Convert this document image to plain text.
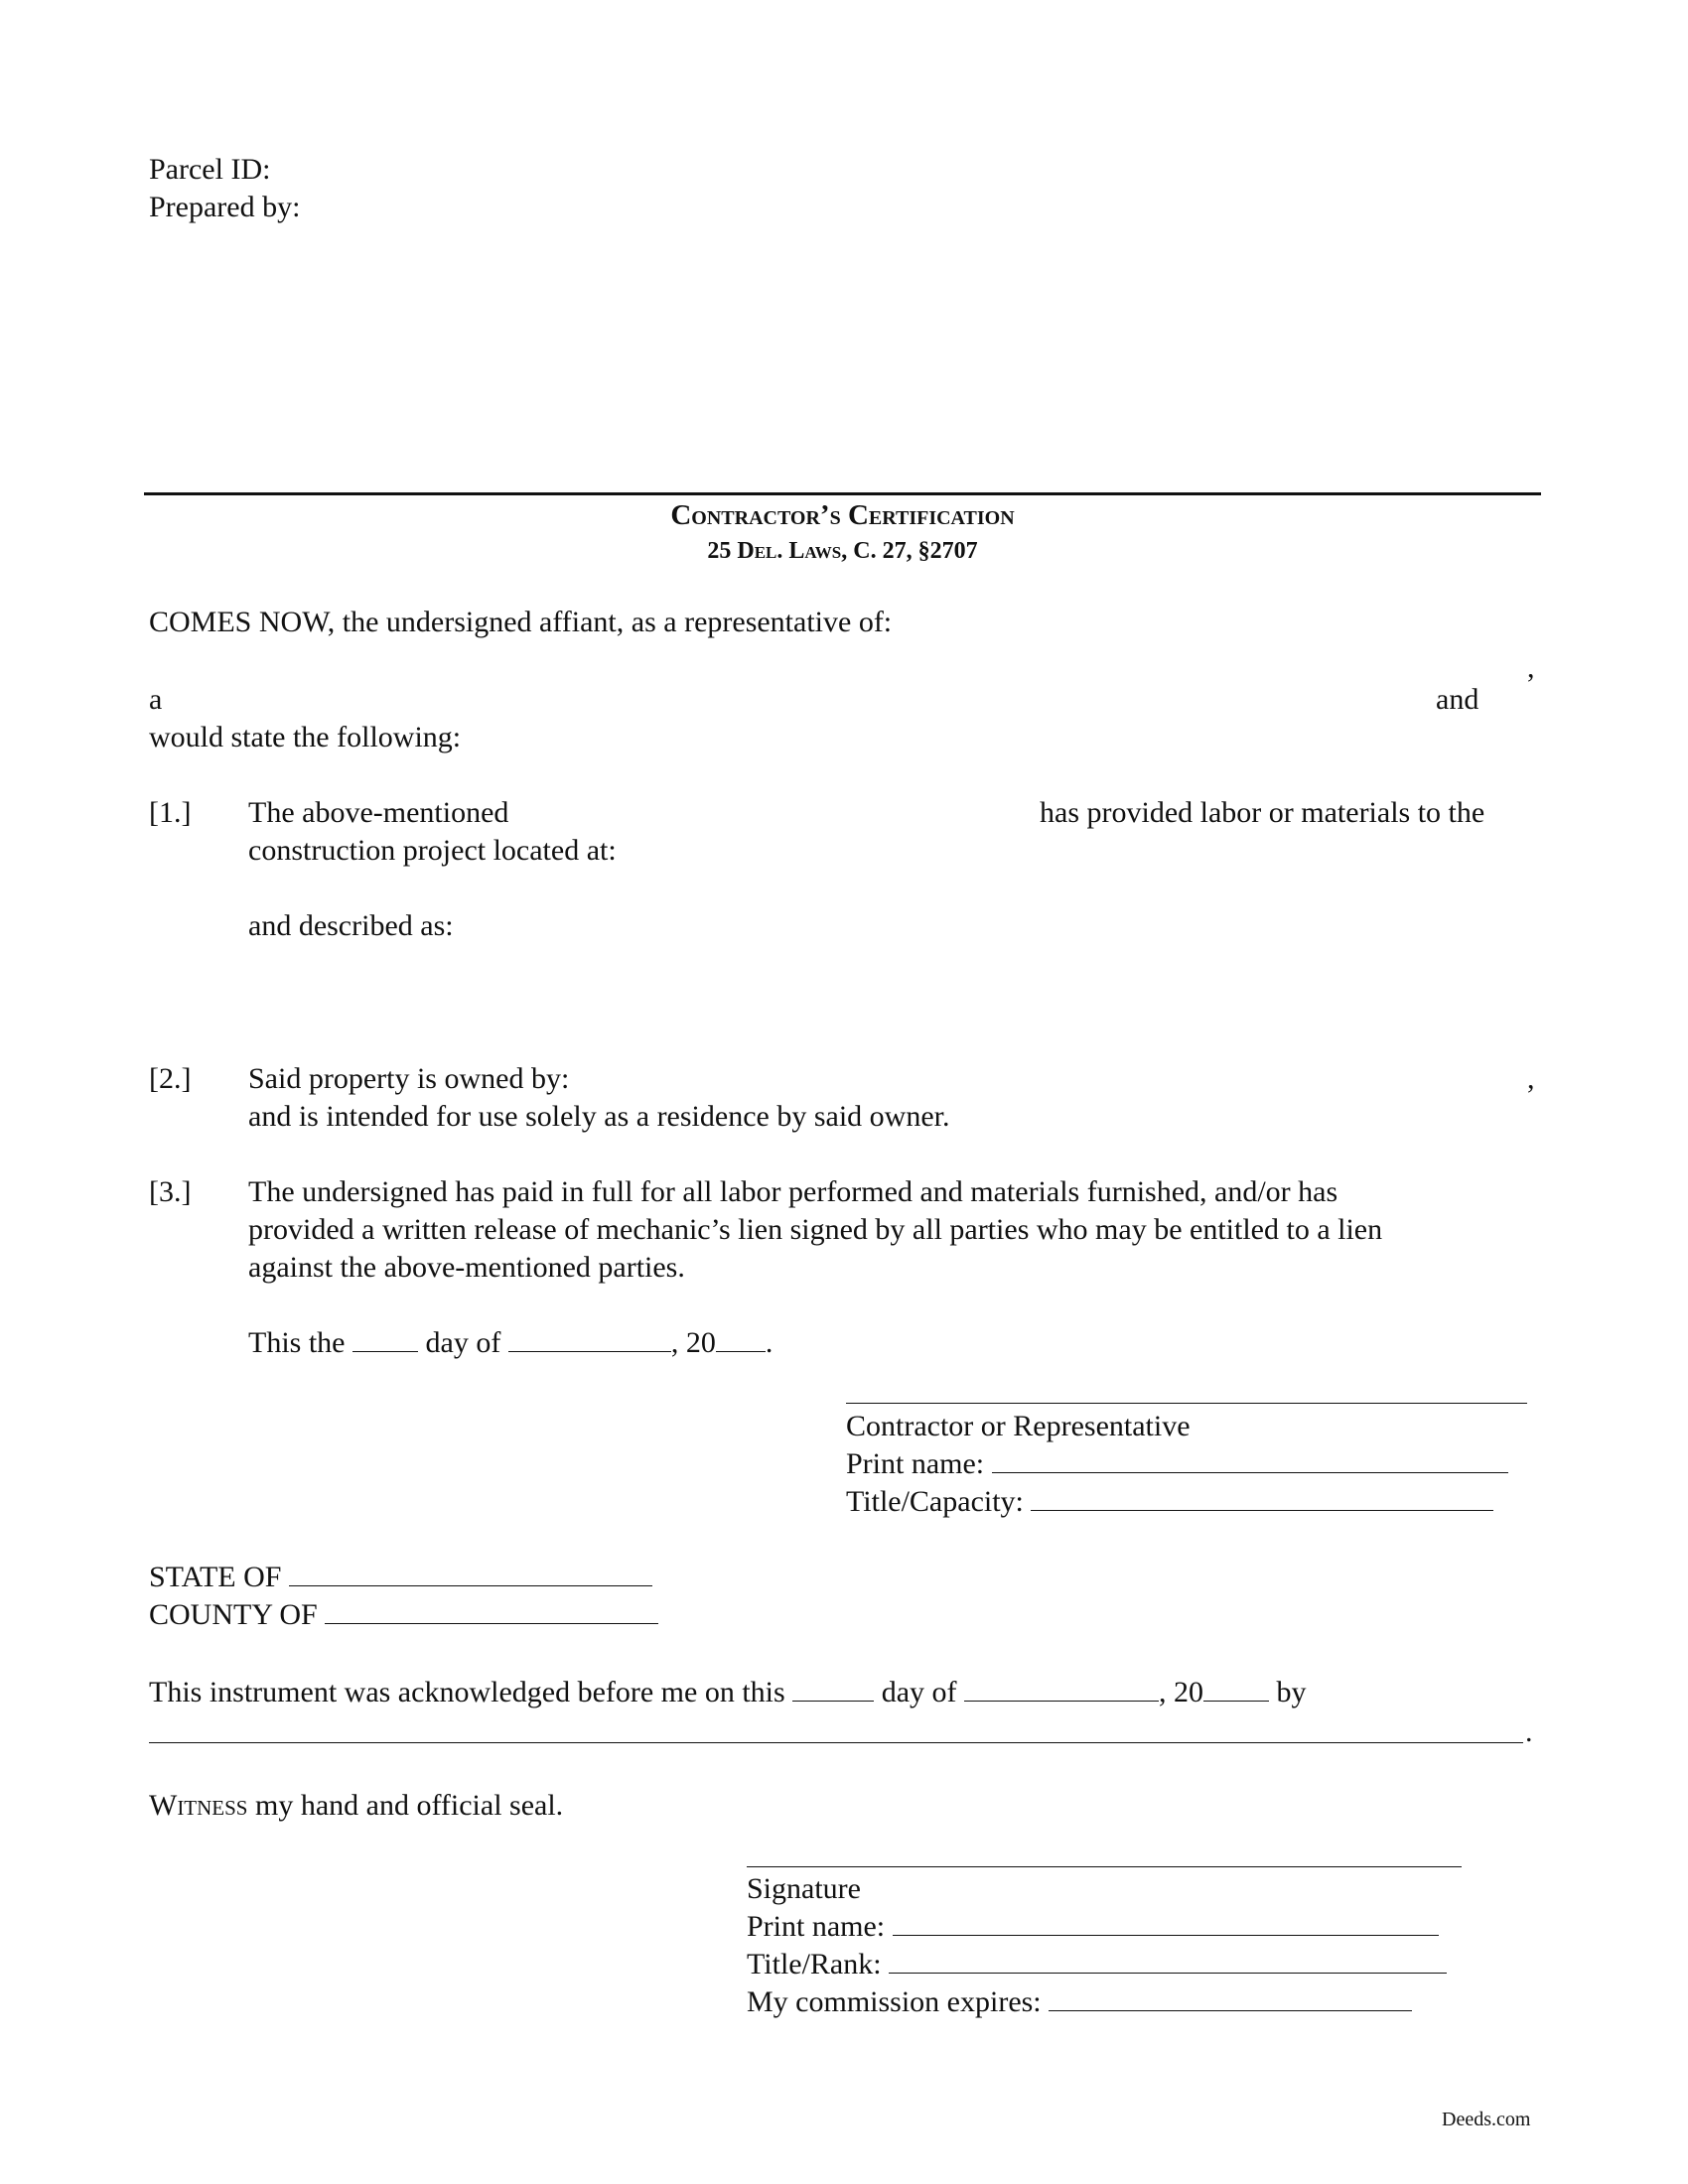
Parcel ID:
Prepared by:
Contractor’s Certification
25 Del. Laws, C. 27, §2707
COMES NOW, the undersigned affiant, as a representative of:
,
a	and
would state the following:
[1.] The above-mentioned	has provided labor or materials to the
construction project located at:
and described as:
[2.] Said property is owned by:	,
and is intended for use solely as a residence by said owner.
[3.] The undersigned has paid in full for all labor performed and materials furnished, and/or has
provided a written release of mechanic’s lien signed by all parties who may be entitled to a lien
against the above-mentioned parties.
This the	day of	, 20 .
Contractor or Representative
Print name:
Title/Capacity:
STATE OF
COUNTY OF
This instrument was acknowledged before me on this	day of	, 20 by
.
Witness my hand and official seal.
Signature
Print name:
Title/Rank:
My commission expires:
Deeds.com
